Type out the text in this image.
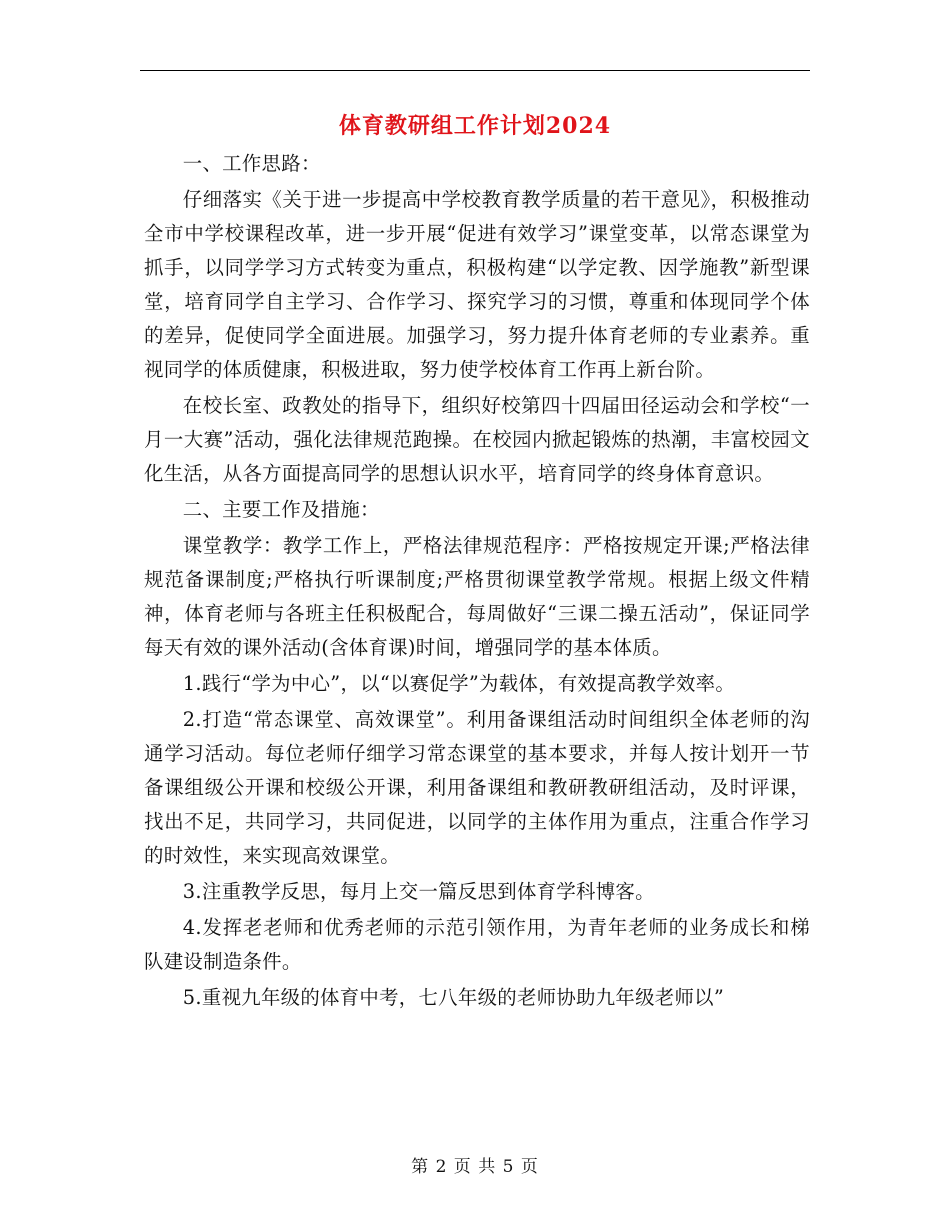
体育教研组工作计划2024

一、工作思路：

仔细落实《关于进一步提高中学校教育教学质量的若干意见》，积极推动全市中学校课程改革，进一步开展“促进有效学习”课堂变革，以常态课堂为抓手，以同学学习方式转变为重点，积极构建“以学定教、因学施教”新型课堂，培育同学自主学习、合作学习、探究学习的习惯，尊重和体现同学个体的差异，促使同学全面进展。加强学习，努力提升体育老师的专业素养。重视同学的体质健康，积极进取，努力使学校体育工作再上新台阶。

在校长室、政教处的指导下，组织好校第四十四届田径运动会和学校“一月一大赛”活动，强化法律规范跑操。在校园内掀起锻炼的热潮，丰富校园文化生活，从各方面提高同学的思想认识水平，培育同学的终身体育意识。

二、主要工作及措施：

课堂教学：教学工作上，严格法律规范程序：严格按规定开课;严格法律规范备课制度;严格执行听课制度;严格贯彻课堂教学常规。根据上级文件精神，体育老师与各班主任积极配合，每周做好“三课二操五活动”，保证同学每天有效的课外活动(含体育课)时间，增强同学的基本体质。

1.践行“学为中心”，以“以赛促学”为载体，有效提高教学效率。

2.打造“常态课堂、高效课堂”。利用备课组活动时间组织全体老师的沟通学习活动。每位老师仔细学习常态课堂的基本要求，并每人按计划开一节备课组级公开课和校级公开课，利用备课组和教研教研组活动，及时评课，找出不足，共同学习，共同促进，以同学的主体作用为重点，注重合作学习的时效性，来实现高效课堂。

3.注重教学反思，每月上交一篇反思到体育学科博客。

4.发挥老老师和优秀老师的示范引领作用，为青年老师的业务成长和梯队建设制造条件。

5.重视九年级的体育中考，七八年级的老师协助九年级老师以”

第 2 页 共 5 页
